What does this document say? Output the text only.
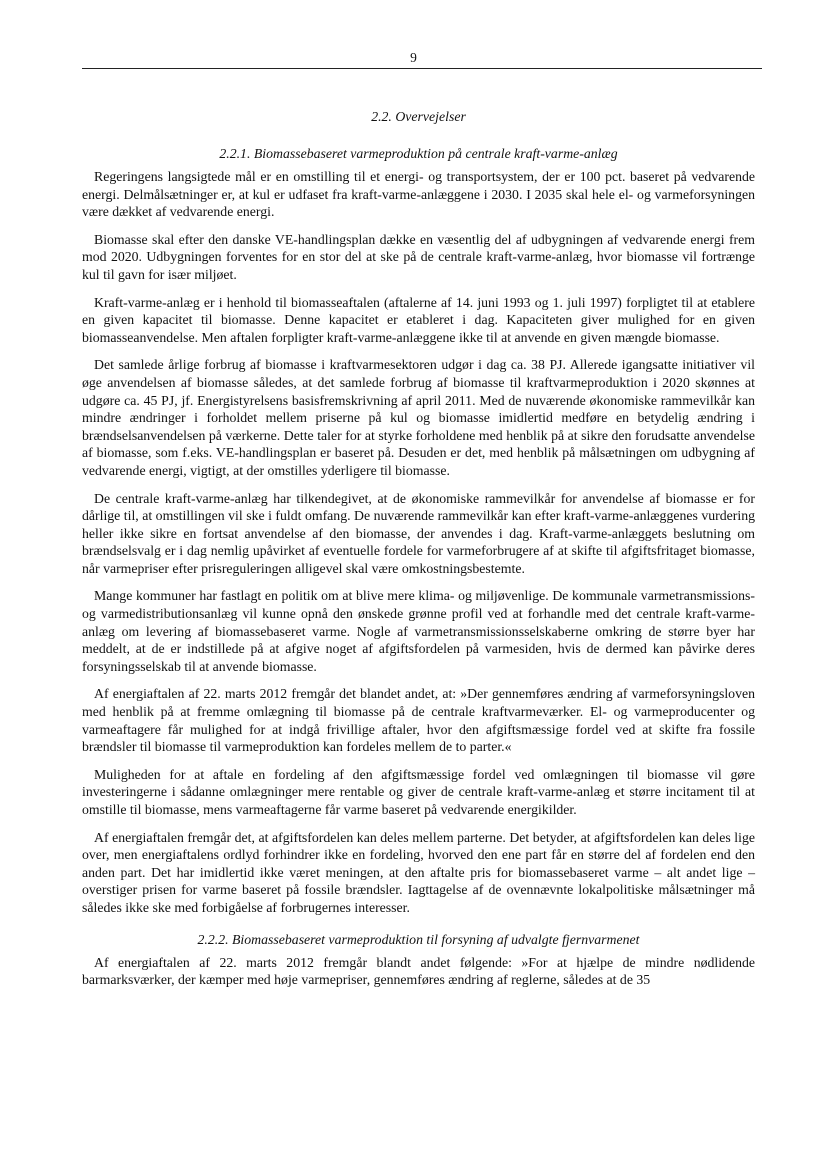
9
2.2. Overvejelser
2.2.1. Biomassebaseret varmeproduktion på centrale kraft-varme-anlæg

Regeringens langsigtede mål er en omstilling til et energi- og transportsystem, der er 100 pct. baseret på vedvarende energi. Delmålsætninger er, at kul er udfaset fra kraft-varme-anlæggene i 2030. I 2035 skal hele el- og varmeforsyningen være dækket af vedvarende energi.

Biomasse skal efter den danske VE-handlingsplan dække en væsentlig del af udbygningen af vedvarende energi frem mod 2020. Udbygningen forventes for en stor del at ske på de centrale kraft-varme-anlæg, hvor biomasse vil fortrænge kul til gavn for især miljøet.

Kraft-varme-anlæg er i henhold til biomasseaftalen (aftalerne af 14. juni 1993 og 1. juli 1997) forpligtet til at etablere en given kapacitet til biomasse. Denne kapacitet er etableret i dag. Kapaciteten giver mulighed for en given biomasseanvendelse. Men aftalen forpligter kraft-varme-anlæggene ikke til at anvende en given mængde biomasse.

Det samlede årlige forbrug af biomasse i kraftvarmesektoren udgør i dag ca. 38 PJ. Allerede igangsatte initiativer vil øge anvendelsen af biomasse således, at det samlede forbrug af biomasse til kraftvarmeproduktion i 2020 skønnes at udgøre ca. 45 PJ, jf. Energistyrelsens basisfremskrivning af april 2011. Med de nuværende økonomiske rammevilkår kan mindre ændringer i forholdet mellem priserne på kul og biomasse imidlertid medføre en betydelig ændring i brændselsanvendelsen på værkerne. Dette taler for at styrke forholdene med henblik på at sikre den forudsatte anvendelse af biomasse, som f.eks. VE-handlingsplan er baseret på. Desuden er det, med henblik på målsætningen om udbygning af vedvarende energi, vigtigt, at der omstilles yderligere til biomasse.

De centrale kraft-varme-anlæg har tilkendegivet, at de økonomiske rammevilkår for anvendelse af biomasse er for dårlige til, at omstillingen vil ske i fuldt omfang. De nuværende rammevilkår kan efter kraft-varme-anlæggenes vurdering heller ikke sikre en fortsat anvendelse af den biomasse, der anvendes i dag. Kraft-varme-anlæggets beslutning om brændselsvalg er i dag nemlig upåvirket af eventuelle fordele for varmeforbrugere af at skifte til afgiftsfritaget biomasse, når varmepriser efter prisreguleringen alligevel skal være omkostningsbestemte.

Mange kommuner har fastlagt en politik om at blive mere klima- og miljøvenlige. De kommunale varmetransmissions- og varmedistributionsanlæg vil kunne opnå den ønskede grønne profil ved at forhandle med det centrale kraft-varme-anlæg om levering af biomassebaseret varme. Nogle af varmetransmissionsselskaberne omkring de større byer har meddelt, at de er indstillede på at afgive noget af afgiftsfordelen på varmesiden, hvis de dermed kan påvirke deres forsyningsselskab til at anvende biomasse.

Af energiaftalen af 22. marts 2012 fremgår det blandet andet, at: »Der gennemføres ændring af varmeforsyningsloven med henblik på at fremme omlægning til biomasse på de centrale kraftvarmeværker. El- og varmeproducenter og varmeaftagere får mulighed for at indgå frivillige aftaler, hvor den afgiftsmæssige fordel ved at skifte fra fossile brændsler til biomasse til varmeproduktion kan fordeles mellem de to parter.«

Muligheden for at aftale en fordeling af den afgiftsmæssige fordel ved omlægningen til biomasse vil gøre investeringerne i sådanne omlægninger mere rentable og giver de centrale kraft-varme-anlæg et større incitament til at omstille til biomasse, mens varmeaftagerne får varme baseret på vedvarende energikilder.

Af energiaftalen fremgår det, at afgiftsfordelen kan deles mellem parterne. Det betyder, at afgiftsfordelen kan deles lige over, men energiaftalens ordlyd forhindrer ikke en fordeling, hvorved den ene part får en større del af fordelen end den anden part. Det har imidlertid ikke været meningen, at den aftalte pris for biomassebaseret varme – alt andet lige – overstiger prisen for varme baseret på fossile brændsler. Iagttagelse af de ovennævnte lokalpolitiske målsætninger må således ikke ske med forbigåelse af forbrugernes interesser.

2.2.2. Biomassebaseret varmeproduktion til forsyning af udvalgte fjernvarmenet

Af energiaftalen af 22. marts 2012 fremgår blandt andet følgende: »For at hjælpe de mindre nødlidende barmarksværker, der kæmper med høje varmepriser, gennemføres ændring af reglerne, således at de 35
